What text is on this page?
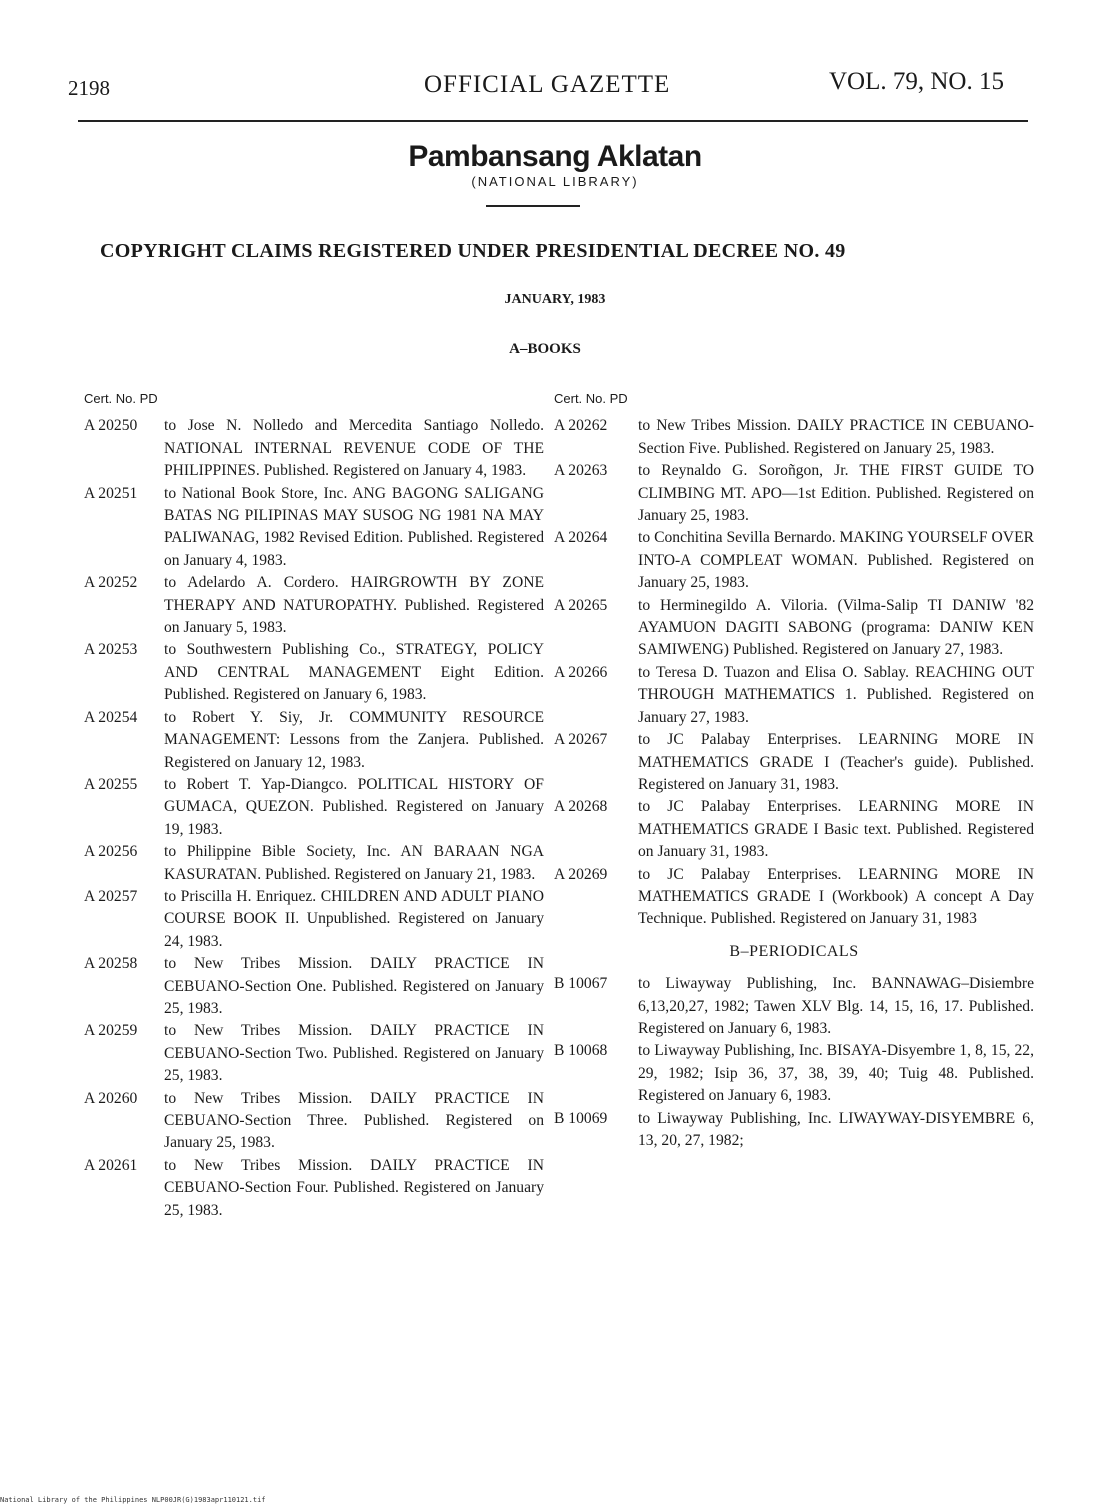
2198	OFFICIAL GAZETTE	VOL. 79, NO. 15
Pambansang Aklatan
(NATIONAL LIBRARY)
COPYRIGHT CLAIMS REGISTERED UNDER PRESIDENTIAL DECREE NO. 49
JANUARY, 1983
A–BOOKS
Cert. No. PD
A 20250	to Jose N. Nolledo and Mercedita Santiago Nolledo. NATIONAL INTERNAL REVENUE CODE OF THE PHILIPPINES. Published. Registered on January 4, 1983.
A 20251	to National Book Store, Inc. ANG BAGONG SALIGANG BATAS NG PILIPINAS MAY SUSOG NG 1981 NA MAY PALIWANAG, 1982 Revised Edition. Published. Registered on January 4, 1983.
A 20252	to Adelardo A. Cordero. HAIRGROWTH BY ZONE THERAPY AND NATUROPATHY. Published. Registered on January 5, 1983.
A 20253	to Southwestern Publishing Co., STRATEGY, POLICY AND CENTRAL MANAGEMENT Eight Edition. Published. Registered on January 6, 1983.
A 20254	to Robert Y. Siy, Jr. COMMUNITY RESOURCE MANAGEMENT: Lessons from the Zanjera. Published. Registered on January 12, 1983.
A 20255	to Robert T. Yap-Diangco. POLITICAL HISTORY OF GUMACA, QUEZON. Published. Registered on January 19, 1983.
A 20256	to Philippine Bible Society, Inc. AN BARAAN NGA KASURATAN. Published. Registered on January 21, 1983.
A 20257	to Priscilla H. Enriquez. CHILDREN AND ADULT PIANO COURSE BOOK II. Unpublished. Registered on January 24, 1983.
A 20258	to New Tribes Mission. DAILY PRACTICE IN CEBUANO-Section One. Published. Registered on January 25, 1983.
A 20259	to New Tribes Mission. DAILY PRACTICE IN CEBUANO-Section Two. Published. Registered on January 25, 1983.
A 20260	to New Tribes Mission. DAILY PRACTICE IN CEBUANO-Section Three. Published. Registered on January 25, 1983.
A 20261	to New Tribes Mission. DAILY PRACTICE IN CEBUANO-Section Four. Published. Registered on January 25, 1983.
Cert. No. PD
A 20262	to New Tribes Mission. DAILY PRACTICE IN CEBUANO-Section Five. Published. Registered on January 25, 1983.
A 20263	to Reynaldo G. Soroñgon, Jr. THE FIRST GUIDE TO CLIMBING MT. APO—1st Edition. Published. Registered on January 25, 1983.
A 20264	to Conchitina Sevilla Bernardo. MAKING YOURSELF OVER INTO-A COMPLEAT WOMAN. Published. Registered on January 25, 1983.
A 20265	to Herminegildo A. Viloria. (Vilma-Salip TI DANIW '82 AYAMUON DAGITI SABONG (programa: DANIW KEN SAMIWENG) Published. Registered on January 27, 1983.
A 20266	to Teresa D. Tuazon and Elisa O. Sablay. REACHING OUT THROUGH MATHEMATICS 1. Published. Registered on January 27, 1983.
A 20267	to JC Palabay Enterprises. LEARNING MORE IN MATHEMATICS GRADE I (Teacher's guide). Published. Registered on January 31, 1983.
A 20268	to JC Palabay Enterprises. LEARNING MORE IN MATHEMATICS GRADE I Basic text. Published. Registered on January 31, 1983.
A 20269	to JC Palabay Enterprises. LEARNING MORE IN MATHEMATICS GRADE I (Workbook) A concept A Day Technique. Published. Registered on January 31, 1983
B–PERIODICALS
B 10067	to Liwayway Publishing, Inc. BANNAWAG–Disiembre 6,13,20,27, 1982; Tawen XLV Blg. 14, 15, 16, 17. Published. Registered on January 6, 1983.
B 10068	to Liwayway Publishing, Inc. BISAYA-Disyembre 1, 8, 15, 22, 29, 1982; Isip 36, 37, 38, 39, 40; Tuig 48. Published. Registered on January 6, 1983.
B 10069	to Liwayway Publishing, Inc. LIWAYWAY-DISYEMBRE 6, 13, 20, 27, 1982;
National Library of the Philippines NLP00JR(G)1983apr110121.tif
